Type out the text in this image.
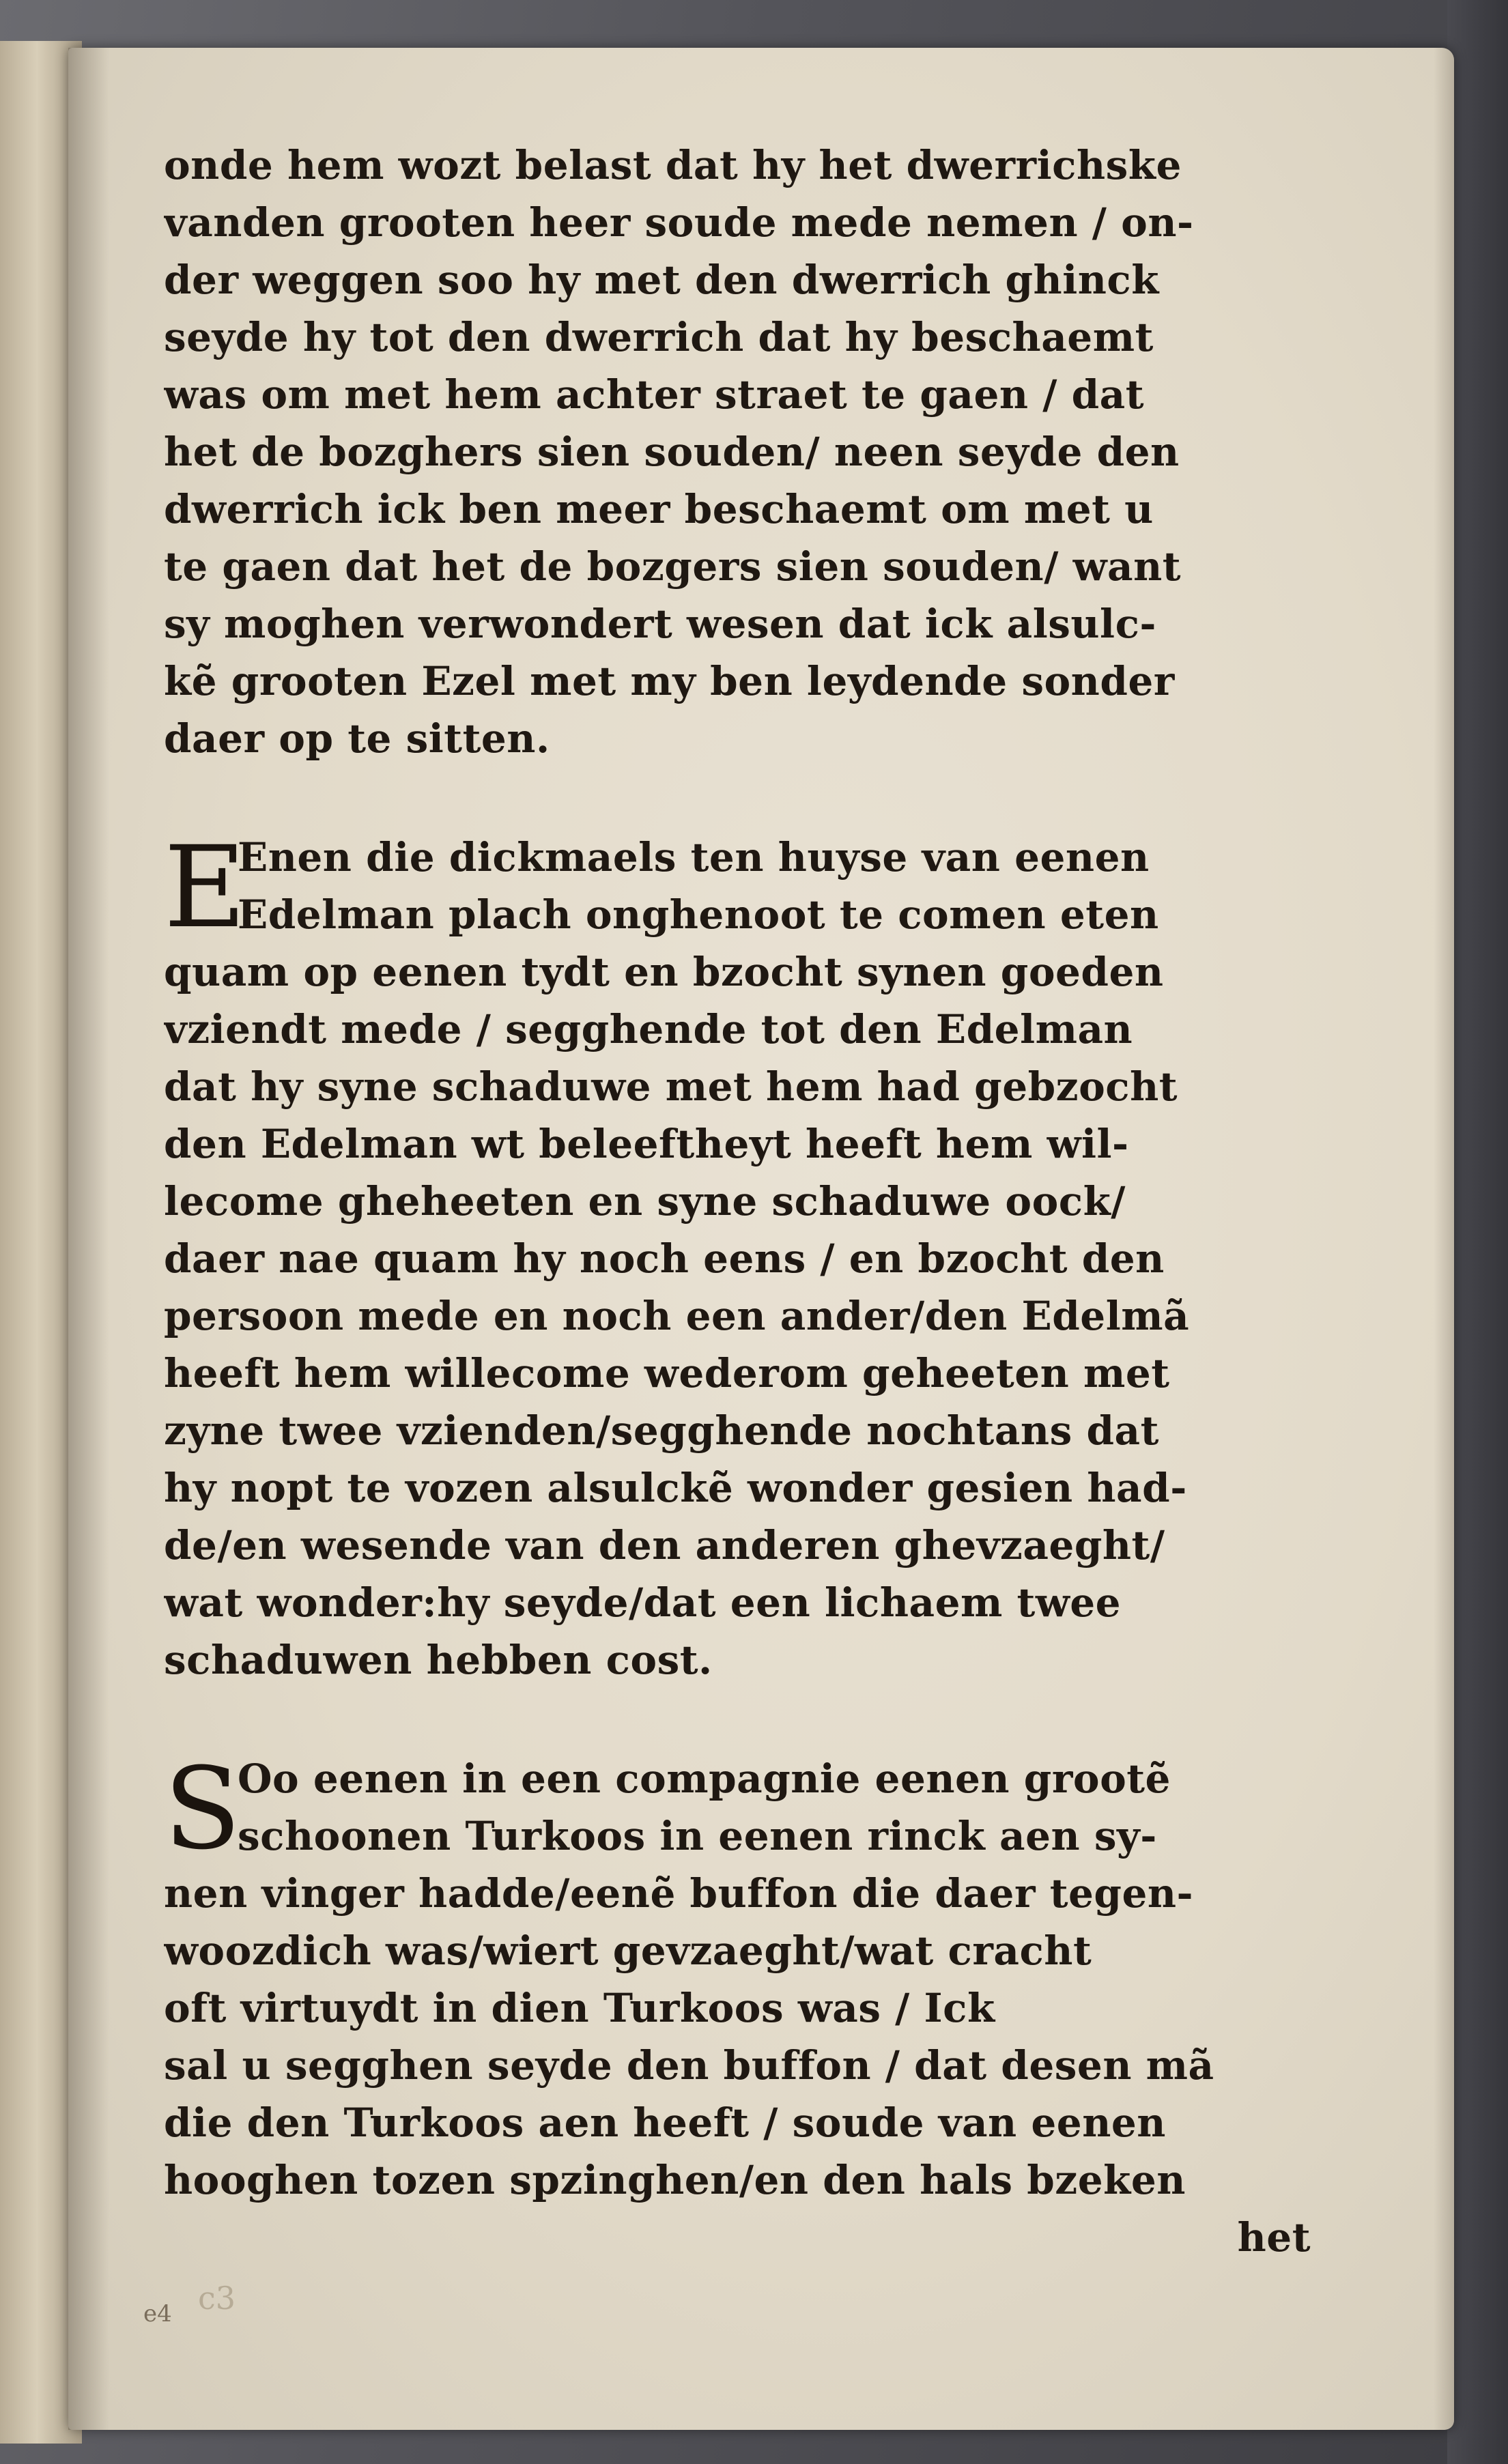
onde hem wozt belast dat hy het dwerrichske
vanden grooten heer soude mede nemen / on-
der weggen soo hy met den dwerrich ghinck
seyde hy tot den dwerrich dat hy beschaemt
was om met hem achter straet te gaen / dat
het de bozghers sien souden/ neen seyde den
dwerrich ick ben meer beschaemt om met u
te gaen dat het de bozgers sien souden/ want
sy moghen verwondert wesen dat ick alsulc-
kẽ grooten Ezel met my ben leydende sonder
daer op te sitten.
E
Enen die dickmaels ten huyse van eenen
Edelman plach onghenoot te comen eten
quam op eenen tydt en bzocht synen goeden
vziendt mede / segghende tot den Edelman
dat hy syne schaduwe met hem had gebzocht
den Edelman wt beleeftheyt heeft hem wil-
lecome gheheeten en syne schaduwe oock/
daer nae quam hy noch eens / en bzocht den
persoon mede en noch een ander/den Edelmã
heeft hem willecome wederom geheeten met
zyne twee vzienden/segghende nochtans dat
hy nopt te vozen alsulckẽ wonder gesien had-
de/en wesende van den anderen ghevzaeght/
wat wonder:hy seyde/dat een lichaem twee
schaduwen hebben cost.
S
Oo eenen in een compagnie eenen grootẽ
schoonen Turkoos in eenen rinck aen sy-
nen vinger hadde/eenẽ buffon die daer tegen-
woozdich was/wiert gevzaeght/wat cracht
oft virtuydt in dien Turkoos was / Ick
sal u segghen seyde den buffon / dat desen mã
die den Turkoos aen heeft / soude van eenen
hooghen tozen spzinghen/en den hals bzeken
het
c3
e4
